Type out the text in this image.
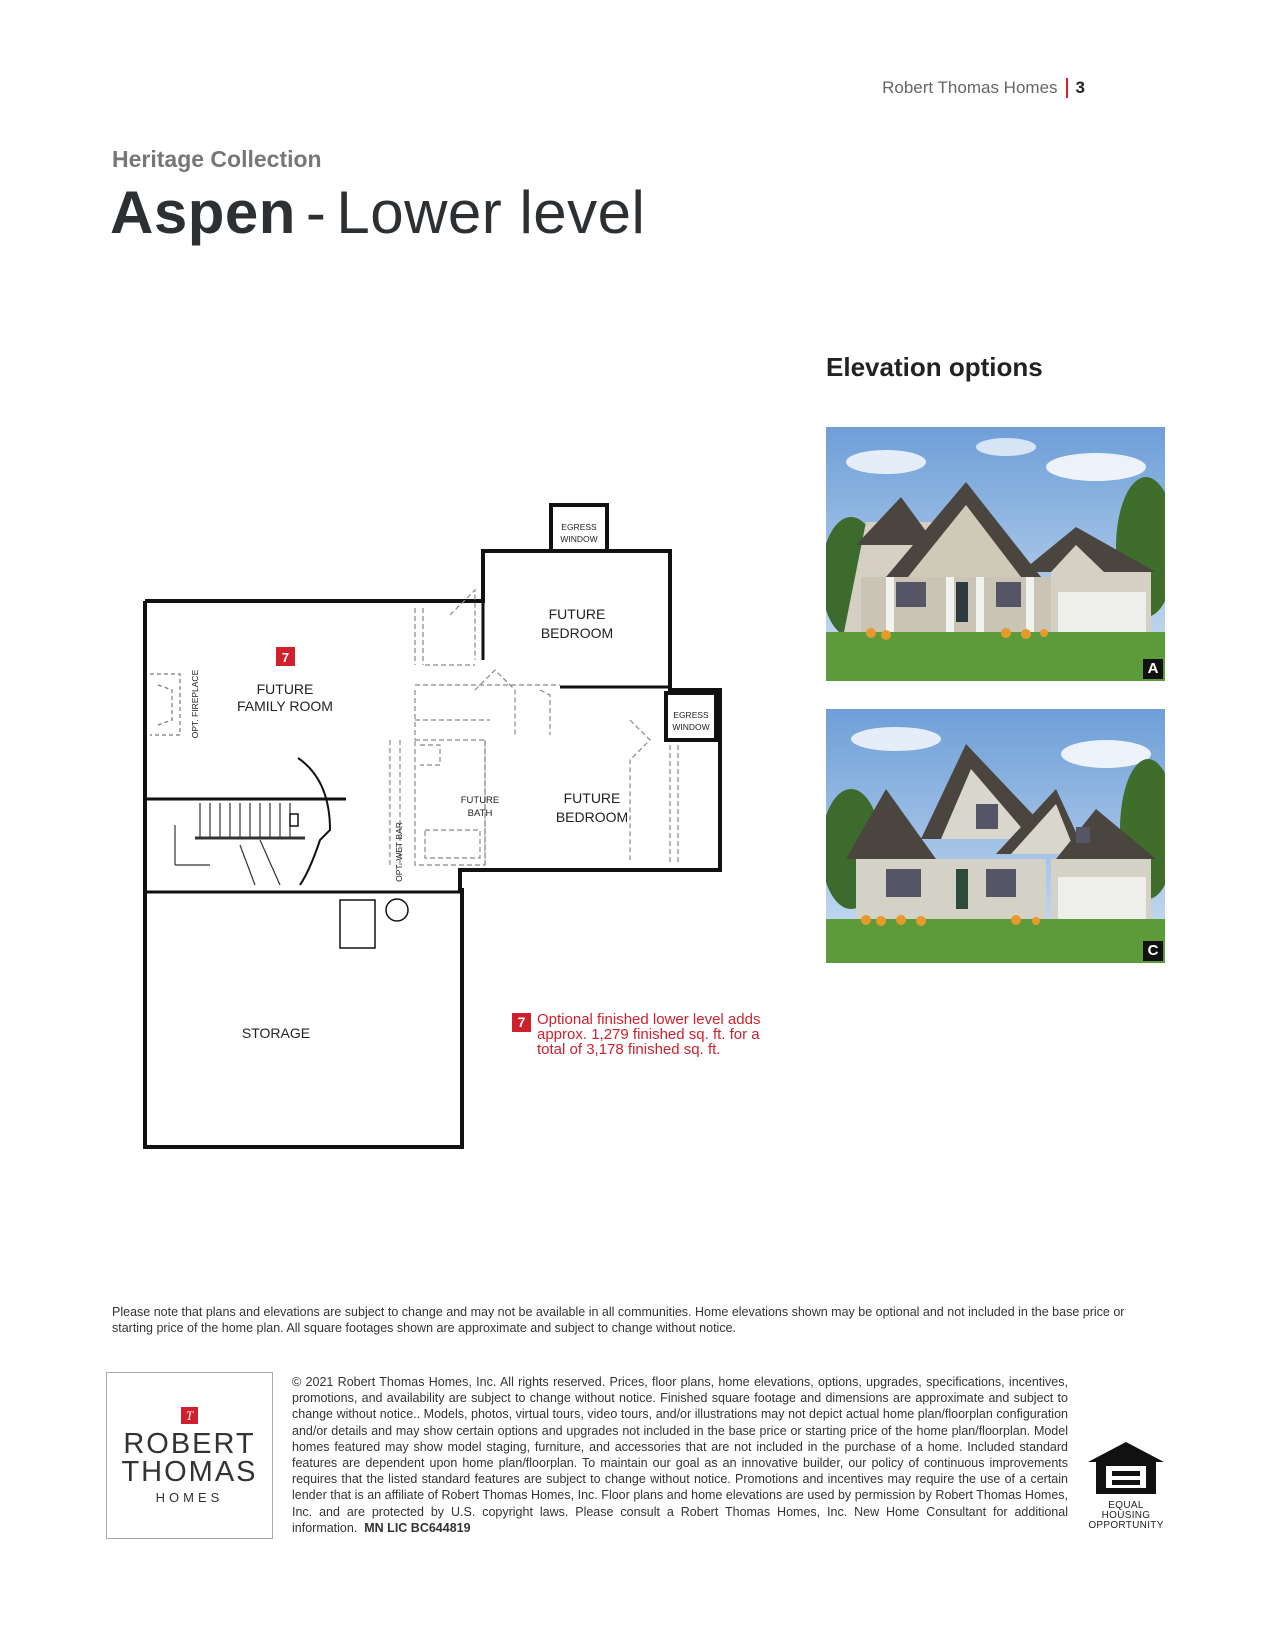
Robert Thomas Homes 3
Heritage Collection
Aspen - Lower level
Elevation options
A
C
EGRESS
WINDOW
EGRESS
WINDOW
FUTURE
BEDROOM
FUTURE
BEDROOM
FUTURE
FAMILY ROOM
FUTURE
BATH
STORAGE
OPT. FIREPLACE
OPT. WET BAR
7
7 Optional finished lower level adds approx. 1,279 finished sq. ft. for a total of 3,178 finished sq. ft.
Please note that plans and elevations are subject to change and may not be available in all communities. Home elevations shown may be optional and not included in the base price or starting price of the home plan. All square footages shown are approximate and subject to change without notice.
T
ROBERT
THOMAS
HOMES
© 2021 Robert Thomas Homes, Inc. All rights reserved. Prices, floor plans, home elevations, options, upgrades, specifications, incentives, promotions, and availability are subject to change without notice. Finished square footage and dimensions are approximate and subject to change without notice.. Models, photos, virtual tours, video tours, and/or illustrations may not depict actual home plan/floorplan configuration and/or details and may show certain options and upgrades not included in the base price or starting price of the home plan/floorplan. Model homes featured may show model staging, furniture, and accessories that are not included in the purchase of a home. Included standard features are dependent upon home plan/floorplan. To maintain our goal as an innovative builder, our policy of continuous improvements requires that the listed standard features are subject to change without notice. Promotions and incentives may require the use of a certain lender that is an affiliate of Robert Thomas Homes, Inc. Floor plans and home elevations are used by permission by Robert Thomas Homes, Inc. and are protected by U.S. copyright laws. Please consult a Robert Thomas Homes, Inc. New Home Consultant for additional information. MN LIC BC644819
EQUAL HOUSING
OPPORTUNITY
